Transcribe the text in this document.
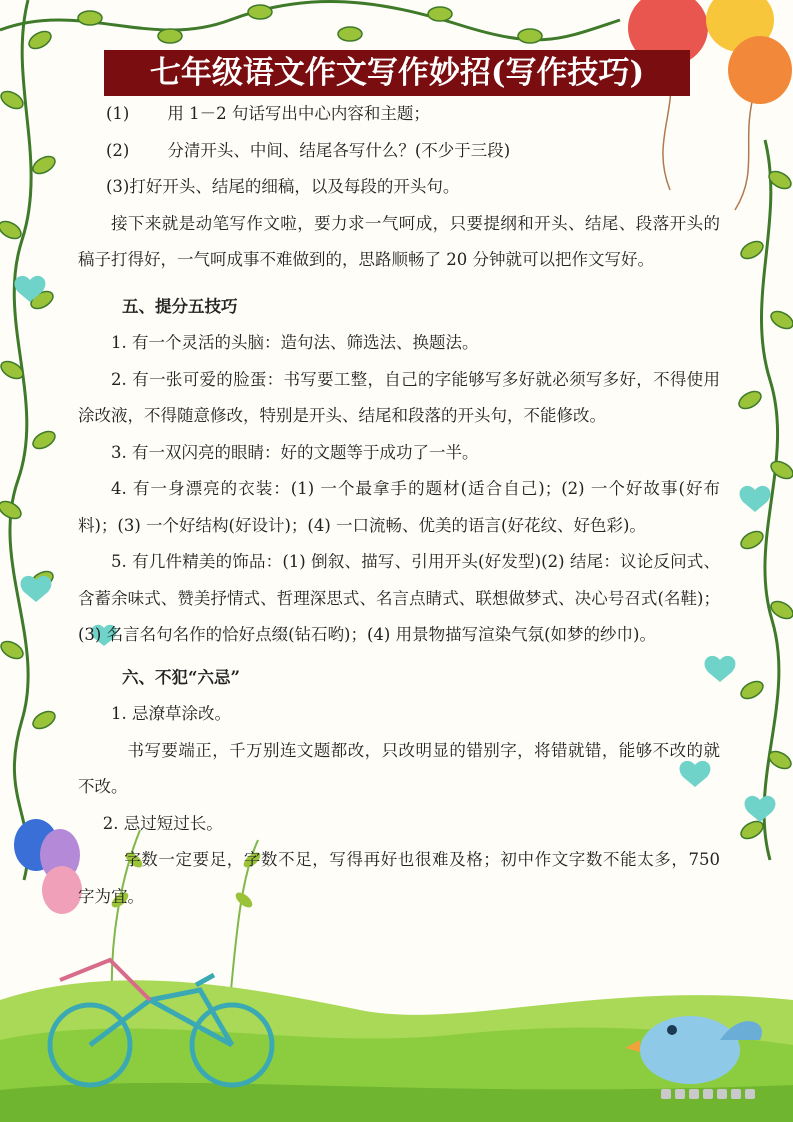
七年级语文作文写作妙招(写作技巧)

(1) 用 1－2 句话写出中心内容和主题；

(2) 分清开头、中间、结尾各写什么？(不少于三段)

(3)打好开头、结尾的细稿，以及每段的开头句。

接下来就是动笔写作文啦，要力求一气呵成，只要提纲和开头、结尾、段落开头的稿子打得好，一气呵成事不难做到的，思路顺畅了 20 分钟就可以把作文写好。

五、提分五技巧

1. 有一个灵活的头脑：造句法、筛选法、换题法。

2. 有一张可爱的脸蛋：书写要工整，自己的字能够写多好就必须写多好，不得使用涂改液，不得随意修改，特别是开头、结尾和段落的开头句，不能修改。

3. 有一双闪亮的眼睛：好的文题等于成功了一半。

4. 有一身漂亮的衣装：(1) 一个最拿手的题材(适合自己)；(2) 一个好故事(好布料)；(3) 一个好结构(好设计)；(4) 一口流畅、优美的语言(好花纹、好色彩)。

5. 有几件精美的饰品：(1) 倒叙、描写、引用开头(好发型)(2) 结尾：议论反问式、含蓄余味式、赞美抒情式、哲理深思式、名言点睛式、联想做梦式、决心号召式(名鞋)；(3) 名言名句名作的恰好点缀(钻石哟)；(4) 用景物描写渲染气氛(如梦的纱巾)。

六、不犯“六忌”

1. 忌潦草涂改。

书写要端正，千万别连文题都改，只改明显的错别字，将错就错，能够不改的就不改。

2. 忌过短过长。

字数一定要足，字数不足，写得再好也很难及格；初中作文字数不能太多，750 字为宜。
